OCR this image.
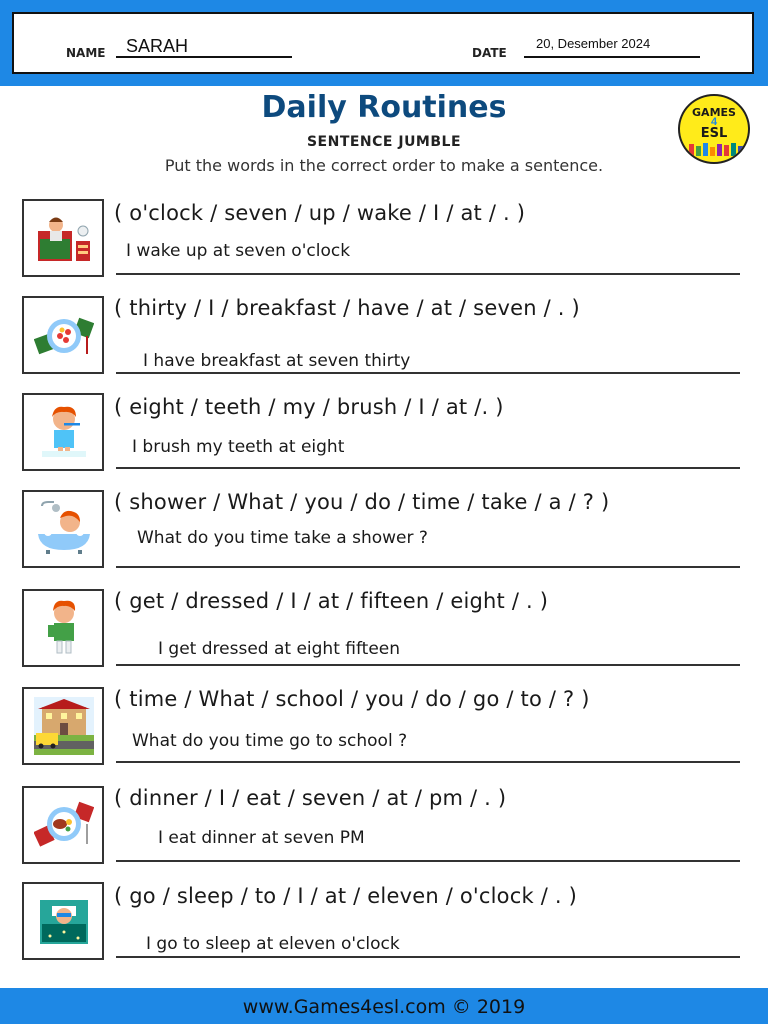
NAME SARAH	DATE
20, Desember 2024
Daily Routines
SENTENCE JUMBLE
Put the words in the correct order to make a sentence.
GAMES
4
ESL
( o'clock / seven / up / wake / I / at / . )
I wake up at seven o'clock
( thirty / I / breakfast / have / at / seven / . )
I have breakfast at seven thirty
( eight / teeth / my / brush / I / at /. )
I brush my teeth at eight
( shower / What / you / do / time / take / a / ? )
What do you time take a shower ?
( get / dressed / I / at / fifteen / eight / . )
I get dressed at eight fifteen
( time / What / school / you / do / go / to / ? )
What do you time go to school ?
( dinner / I / eat / seven / at / pm / . )
I eat dinner at seven PM
( go / sleep / to / I / at / eleven / o'clock / . )
I go to sleep at eleven o'clock
www.Games4esl.com © 2019
